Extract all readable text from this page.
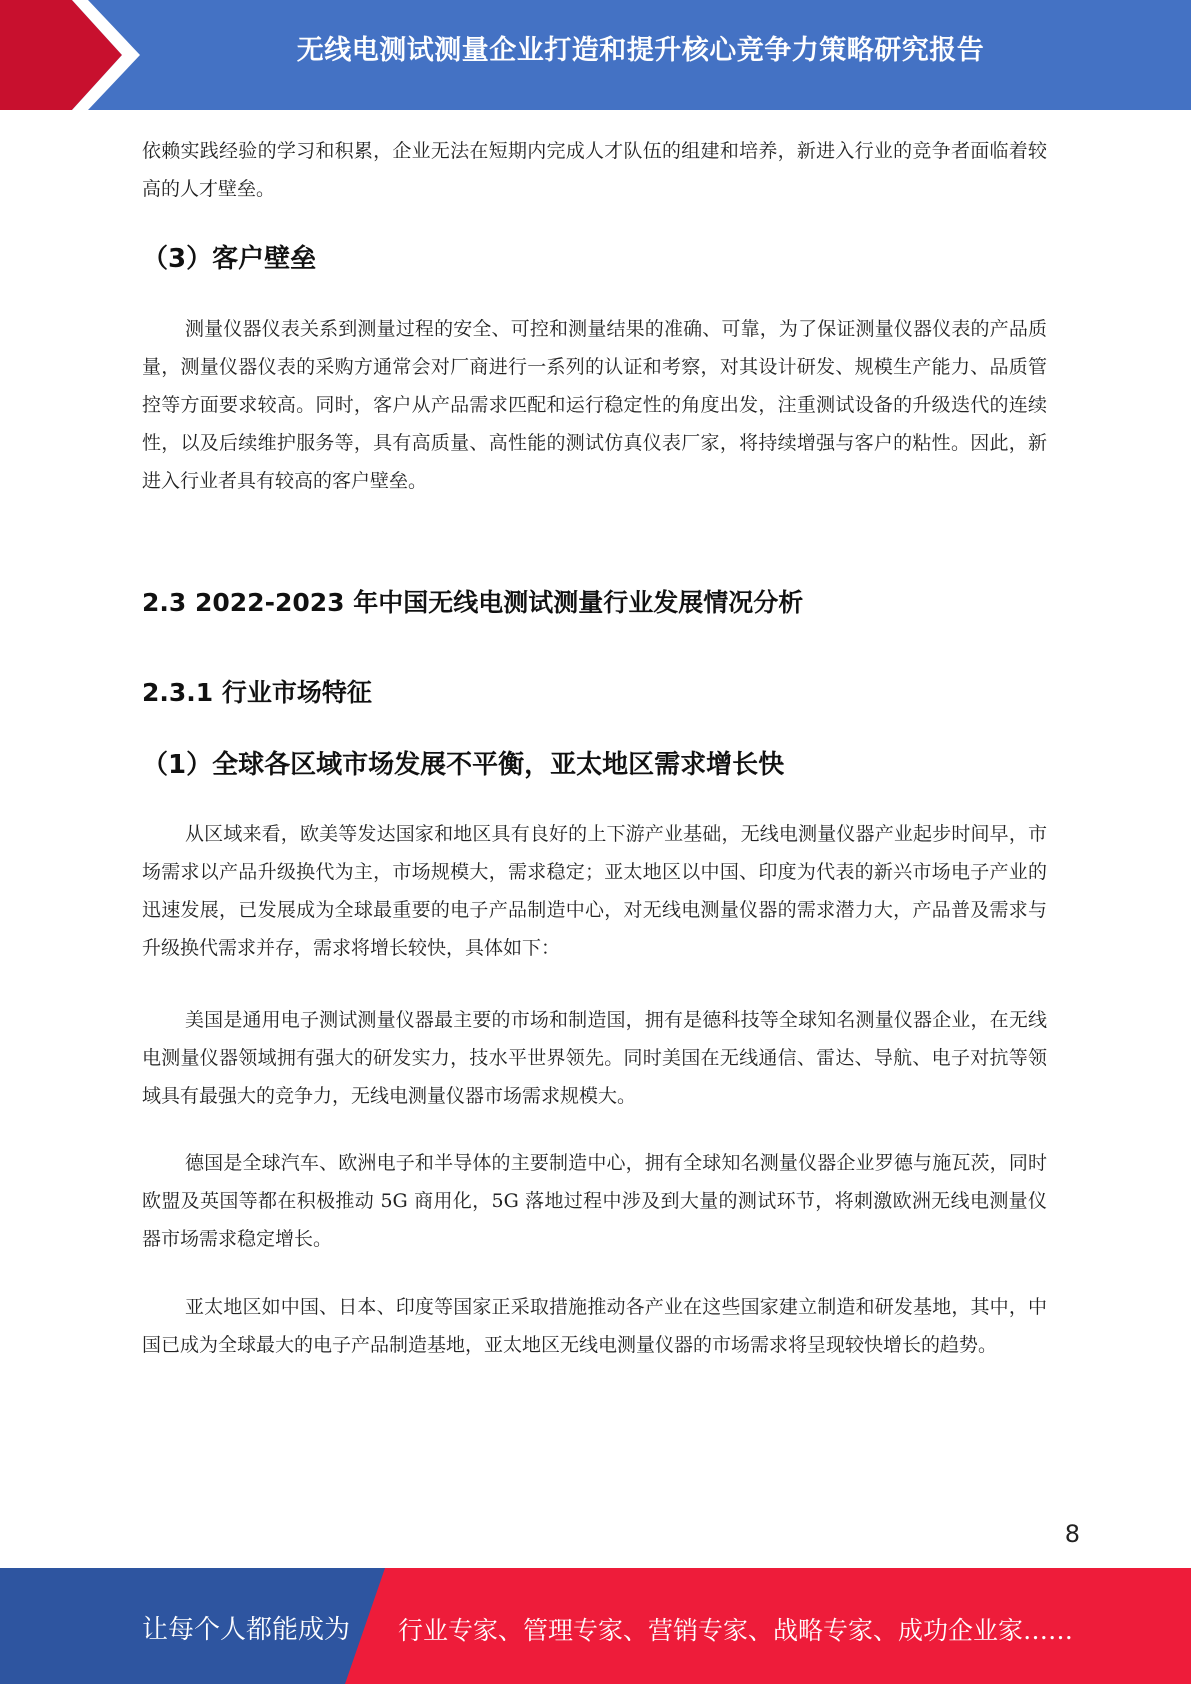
无线电测试测量企业打造和提升核心竞争力策略研究报告

依赖实践经验的学习和积累，企业无法在短期内完成人才队伍的组建和培养，新进入行业的竞争者面临着较高的人才壁垒。

（3）客户壁垒

测量仪器仪表关系到测量过程的安全、可控和测量结果的准确、可靠，为了保证测量仪器仪表的产品质量，测量仪器仪表的采购方通常会对厂商进行一系列的认证和考察，对其设计研发、规模生产能力、品质管控等方面要求较高。同时，客户从产品需求匹配和运行稳定性的角度出发，注重测试设备的升级迭代的连续性，以及后续维护服务等，具有高质量、高性能的测试仿真仪表厂家，将持续增强与客户的粘性。因此，新进入行业者具有较高的客户壁垒。

2.3 2022-2023 年中国无线电测试测量行业发展情况分析
2.3.1 行业市场特征
（1）全球各区域市场发展不平衡，亚太地区需求增长快

从区域来看，欧美等发达国家和地区具有良好的上下游产业基础，无线电测量仪器产业起步时间早，市场需求以产品升级换代为主，市场规模大，需求稳定；亚太地区以中国、印度为代表的新兴市场电子产业的迅速发展，已发展成为全球最重要的电子产品制造中心，对无线电测量仪器的需求潜力大，产品普及需求与升级换代需求并存，需求将增长较快，具体如下：

美国是通用电子测试测量仪器最主要的市场和制造国，拥有是德科技等全球知名测量仪器企业，在无线电测量仪器领域拥有强大的研发实力，技水平世界领先。同时美国在无线通信、雷达、导航、电子对抗等领域具有最强大的竞争力，无线电测量仪器市场需求规模大。

德国是全球汽车、欧洲电子和半导体的主要制造中心，拥有全球知名测量仪器企业罗德与施瓦茨，同时欧盟及英国等都在积极推动 5G 商用化，5G 落地过程中涉及到大量的测试环节，将刺激欧洲无线电测量仪器市场需求稳定增长。

亚太地区如中国、日本、印度等国家正采取措施推动各产业在这些国家建立制造和研发基地，其中，中国已成为全球最大的电子产品制造基地，亚太地区无线电测量仪器的市场需求将呈现较快增长的趋势。

8
让每个人都能成为 行业专家、管理专家、营销专家、战略专家、成功企业家……
